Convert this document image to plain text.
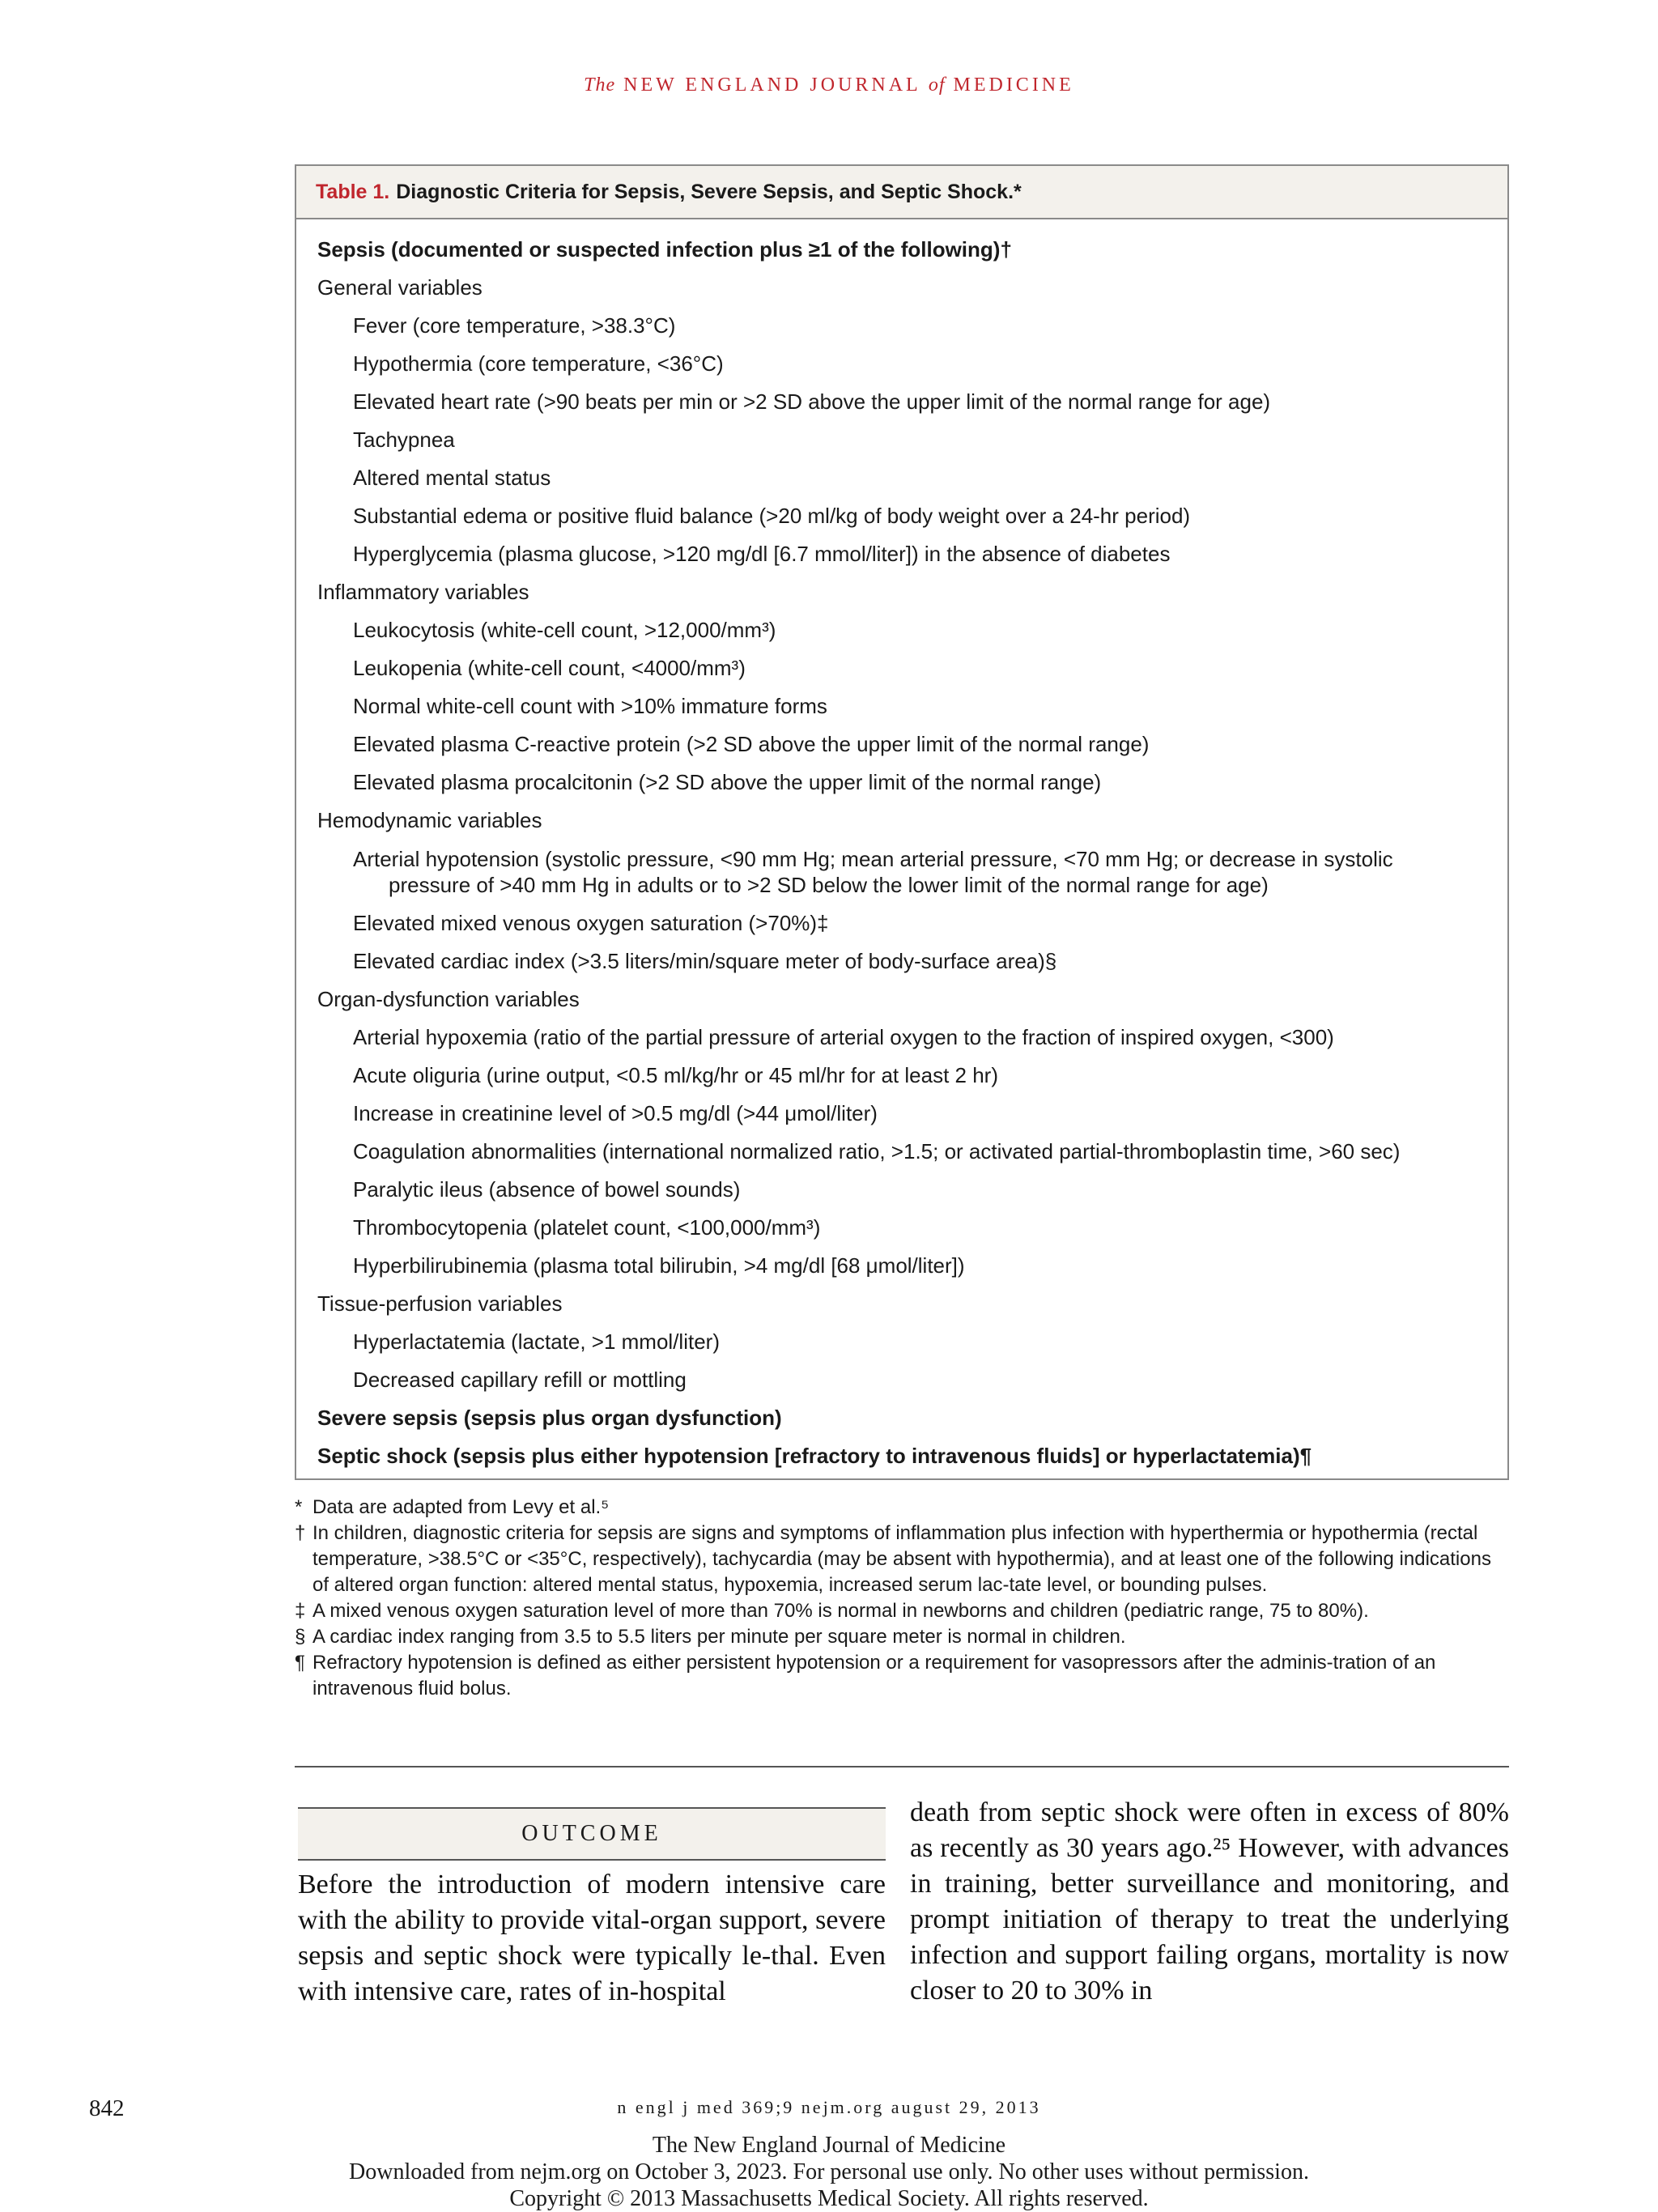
The NEW ENGLAND JOURNAL of MEDICINE
Table 1. Diagnostic Criteria for Sepsis, Severe Sepsis, and Septic Shock.*
Sepsis (documented or suspected infection plus ≥1 of the following)†
General variables
Fever (core temperature, >38.3°C)
Hypothermia (core temperature, <36°C)
Elevated heart rate (>90 beats per min or >2 SD above the upper limit of the normal range for age)
Tachypnea
Altered mental status
Substantial edema or positive fluid balance (>20 ml/kg of body weight over a 24-hr period)
Hyperglycemia (plasma glucose, >120 mg/dl [6.7 mmol/liter]) in the absence of diabetes
Inflammatory variables
Leukocytosis (white-cell count, >12,000/mm³)
Leukopenia (white-cell count, <4000/mm³)
Normal white-cell count with >10% immature forms
Elevated plasma C-reactive protein (>2 SD above the upper limit of the normal range)
Elevated plasma procalcitonin (>2 SD above the upper limit of the normal range)
Hemodynamic variables
Arterial hypotension (systolic pressure, <90 mm Hg; mean arterial pressure, <70 mm Hg; or decrease in systolic
pressure of >40 mm Hg in adults or to >2 SD below the lower limit of the normal range for age)
Elevated mixed venous oxygen saturation (>70%)‡
Elevated cardiac index (>3.5 liters/min/square meter of body-surface area)§
Organ-dysfunction variables
Arterial hypoxemia (ratio of the partial pressure of arterial oxygen to the fraction of inspired oxygen, <300)
Acute oliguria (urine output, <0.5 ml/kg/hr or 45 ml/hr for at least 2 hr)
Increase in creatinine level of >0.5 mg/dl (>44 μmol/liter)
Coagulation abnormalities (international normalized ratio, >1.5; or activated partial-thromboplastin time, >60 sec)
Paralytic ileus (absence of bowel sounds)
Thrombocytopenia (platelet count, <100,000/mm³)
Hyperbilirubinemia (plasma total bilirubin, >4 mg/dl [68 μmol/liter])
Tissue-perfusion variables
Hyperlactatemia (lactate, >1 mmol/liter)
Decreased capillary refill or mottling
Severe sepsis (sepsis plus organ dysfunction)
Septic shock (sepsis plus either hypotension [refractory to intravenous fluids] or hyperlactatemia)¶
* Data are adapted from Levy et al.⁵
† In children, diagnostic criteria for sepsis are signs and symptoms of inflammation plus infection with hyperthermia or hypothermia (rectal temperature, >38.5°C or <35°C, respectively), tachycardia (may be absent with hypothermia), and at least one of the following indications of altered organ function: altered mental status, hypoxemia, increased serum lac-tate level, or bounding pulses.
‡ A mixed venous oxygen saturation level of more than 70% is normal in newborns and children (pediatric range, 75 to 80%).
§ A cardiac index ranging from 3.5 to 5.5 liters per minute per square meter is normal in children.
¶ Refractory hypotension is defined as either persistent hypotension or a requirement for vasopressors after the adminis-tration of an intravenous fluid bolus.
OUTCOME
Before the introduction of modern intensive care with the ability to provide vital-organ support, severe sepsis and septic shock were typically le-thal. Even with intensive care, rates of in-hospital
death from septic shock were often in excess of 80% as recently as 30 years ago.²⁵ However, with advances in training, better surveillance and monitoring, and prompt initiation of therapy to treat the underlying infection and support failing organs, mortality is now closer to 20 to 30% in
842	n engl j med 369;9 nejm.org august 29, 2013
The New England Journal of Medicine
Downloaded from nejm.org on October 3, 2023. For personal use only. No other uses without permission.
Copyright © 2013 Massachusetts Medical Society. All rights reserved.
